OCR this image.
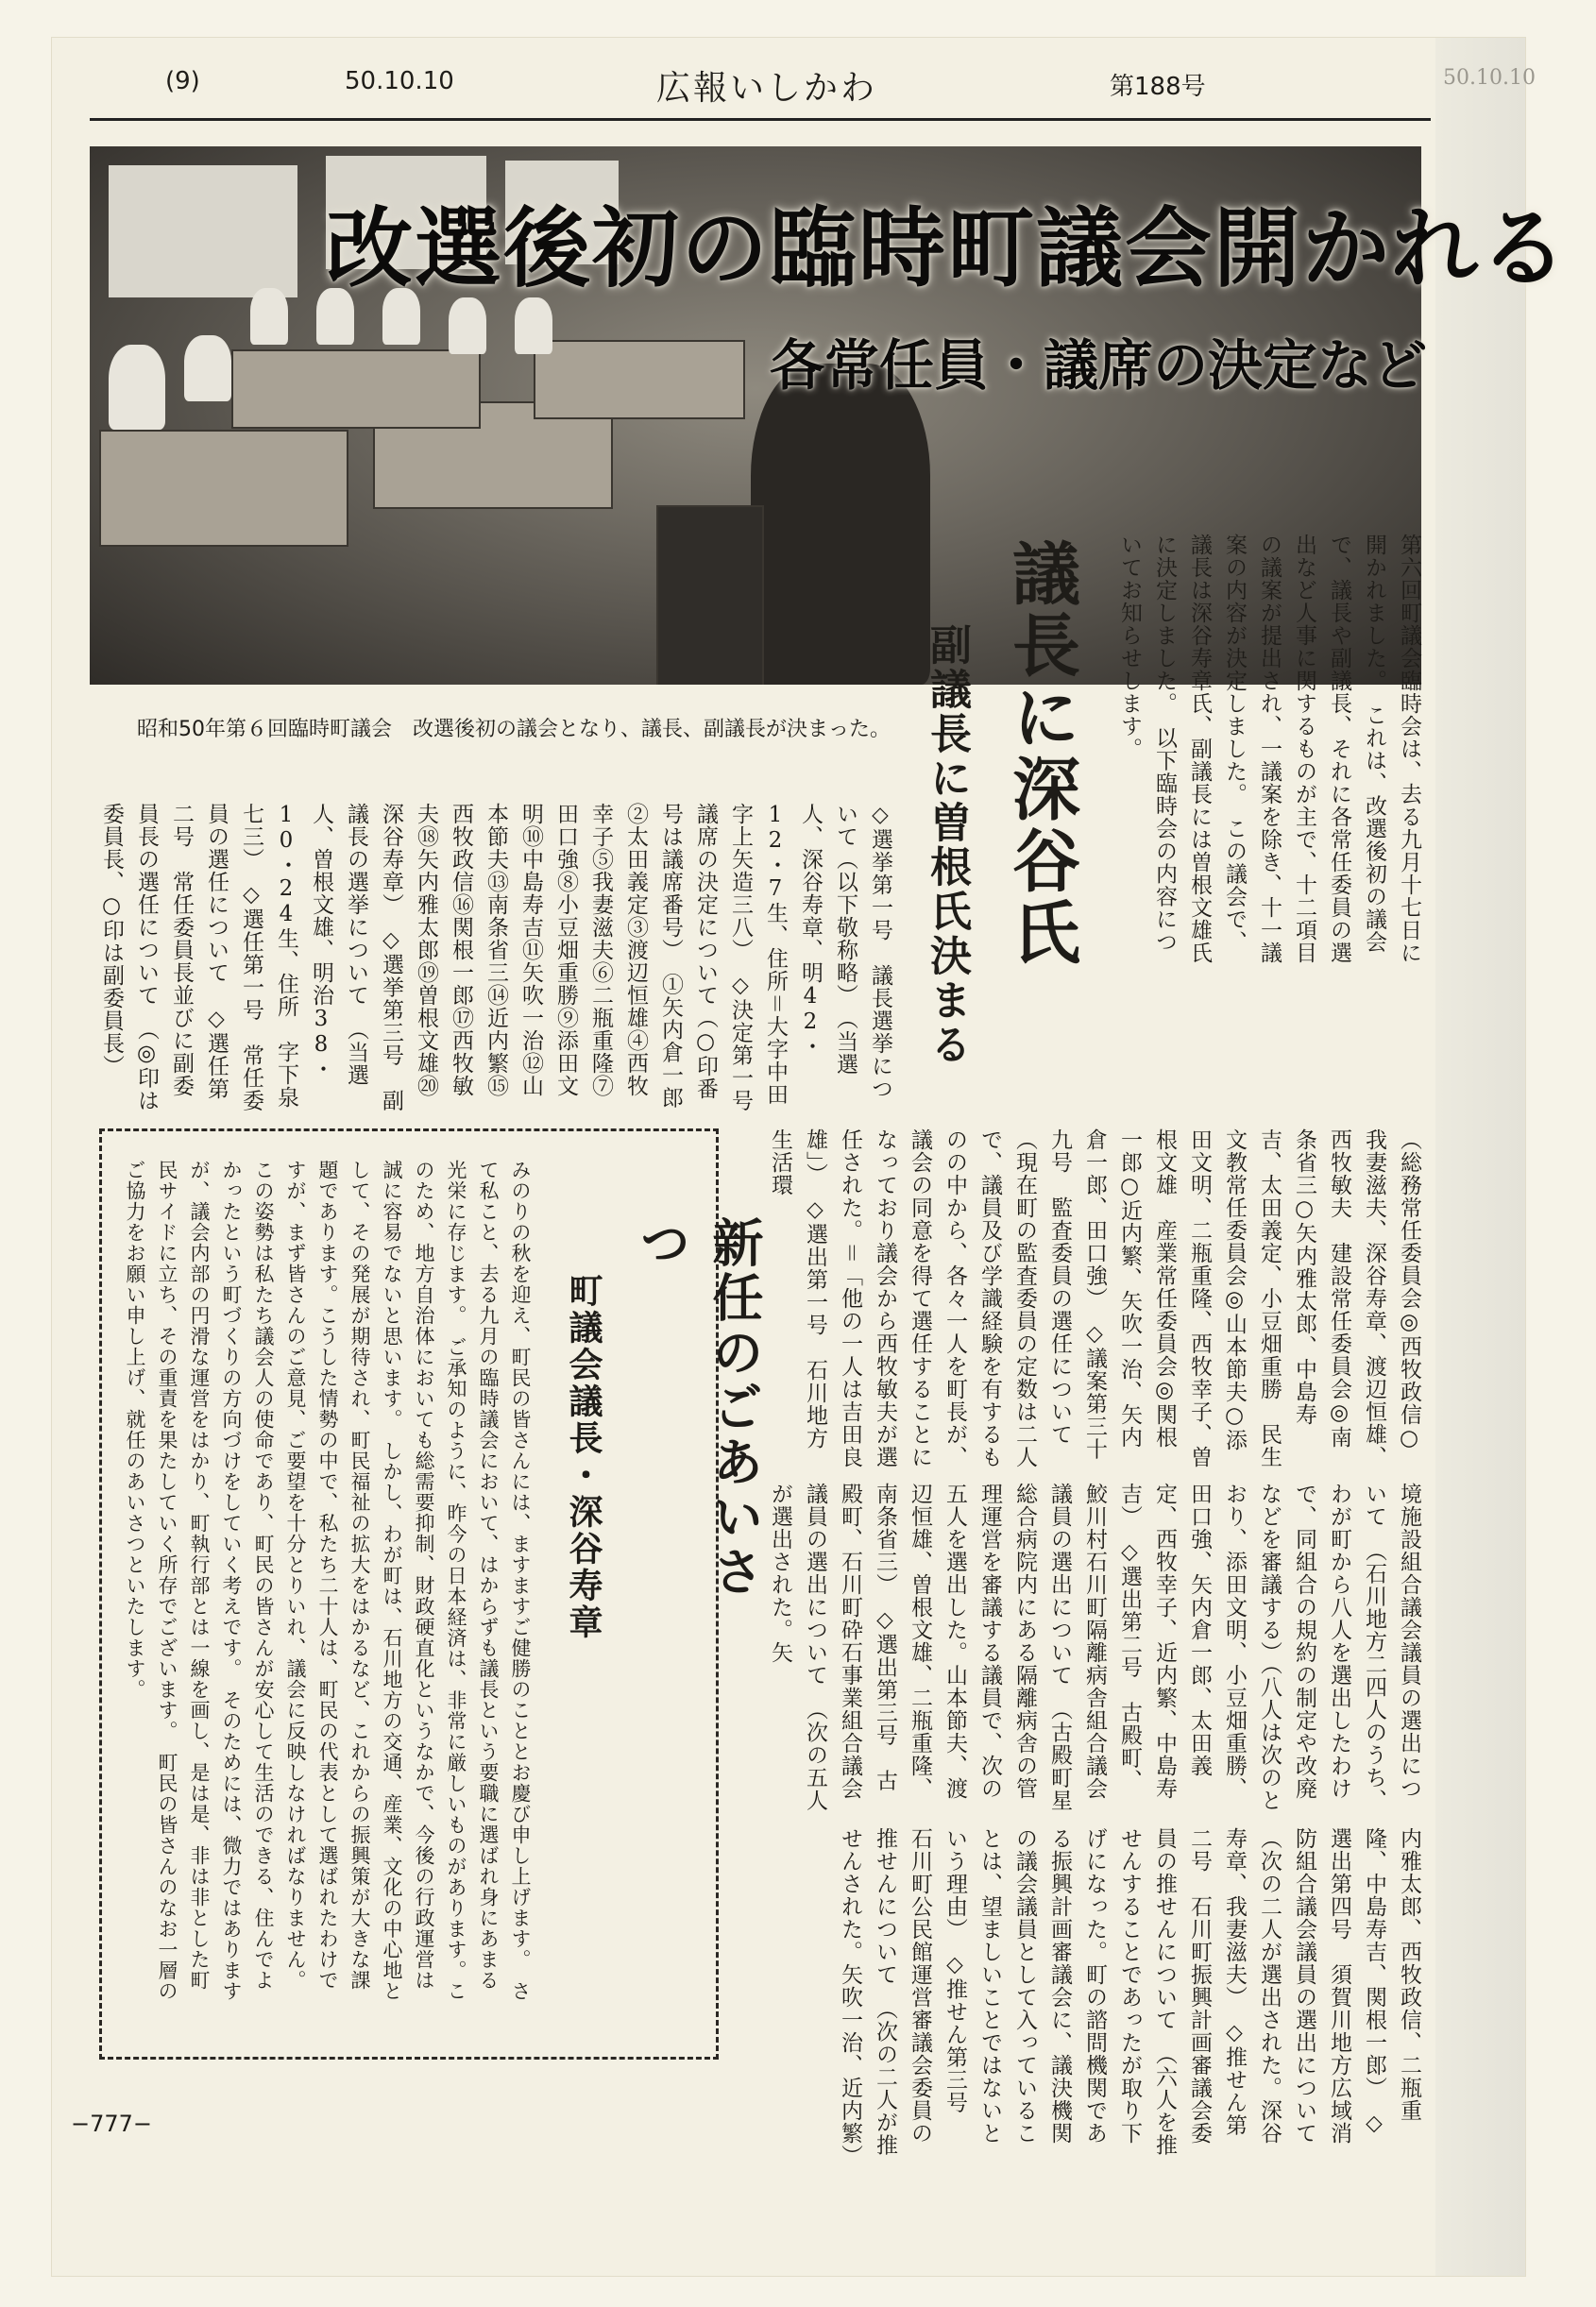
50.10.10
(9)	50.10.10	広報いしかわ	第188号
改選後初の臨時町議会開かれる
各常任員・議席の決定など
昭和50年第６回臨時町議会　改選後初の議会となり、議長、副議長が決まった。	第六回町議会臨時会は、去る九月十七日に開かれました。　これは、改選後初の議会で、議長や副議長、それに各常任委員の選出など人事に関するものが主で、十二項目の議案が提出され、一議案を除き、十一議案の内容が決定しました。　この議会で、議長は深谷寿章氏、副議長には曽根文雄氏に決定しました。　以下臨時会の内容についてお知らせします。
議長に深谷氏
副議長に曽根氏決まる
◇選挙第一号　議長選挙について（以下敬称略）　（当選人、深谷寿章、明42・12・7生、住所＝大字中田字上矢造三八）　◇決定第一号　議席の決定について（○印番号は議席番号）　①矢内倉一郎②太田義定③渡辺恒雄④西牧幸子⑤我妻滋夫⑥二瓶重隆⑦田口強⑧小豆畑重勝⑨添田文明⑩中島寿吉⑪矢吹一治⑫山本節夫⑬南条省三⑭近内繁⑮西牧政信⑯関根一郎⑰西牧敏夫⑱矢内雅太郎⑲曽根文雄⑳深谷寿章）　◇選挙第三号　副議長の選挙について　（当選人、曽根文雄、明治38・10・24生、住所　字下泉七三）　◇選任第一号　常任委員の選任について　◇選任第二号　常任委員長並びに副委員長の選任について　（◎印は委員長、○印は副委員長）
（総務常任委員会◎西牧政信○我妻滋夫、深谷寿章、渡辺恒雄、西牧敏夫　建設常任委員会◎南条省三○矢内雅太郎、中島寿吉、太田義定、小豆畑重勝　民生文教常任委員会◎山本節夫○添田文明、二瓶重隆、西牧幸子、曽根文雄　産業常任委員会◎関根一郎○近内繁、矢吹一治、矢内倉一郎、田口強）　◇議案第三十九号　監査委員の選任について　（現在町の監査委員の定数は二人で、議員及び学識経験を有するものの中から、各々一人を町長が、議会の同意を得て選任することになっており議会から西牧敏夫が選任された。＝「他の一人は吉田良雄」）　◇選出第一号　石川地方生活環
境施設組合議会議員の選出について　（石川地方二四人のうち、わが町から八人を選出したわけで、同組合の規約の制定や改廃などを審議する）（八人は次のとおり、添田文明、小豆畑重勝、田口強、矢内倉一郎、太田義定、西牧幸子、近内繁、中島寿吉）　◇選出第二号　古殿町、鮫川村石川町隔離病舎組合議会議員の選出について　（古殿町星総合病院内にある隔離病舎の管理運営を審議する議員で、次の五人を選出した。山本節夫、渡辺恒雄、曽根文雄、二瓶重隆、南条省三）　◇選出第三号　古殿町、石川町砕石事業組合議会議員の選出について　（次の五人が選出された。矢
内雅太郎、西牧政信、二瓶重隆、中島寿吉、関根一郎）　◇選出第四号　須賀川地方広域消防組合議会議員の選出について　（次の二人が選出された。深谷寿章、我妻滋夫）　◇推せん第二号　石川町振興計画審議会委員の推せんについて　（六人を推せんすることであったが取り下げになった。町の諮問機関である振興計画審議会に、議決機関の議会議員として入っていることは、望ましいことではないという理由）　◇推せん第三号　石川町公民館運営審議会委員の推せんについて　（次の二人が推せんされた。矢吹一治、近内繁）
新任のごあいさつ
町議会議長・深谷寿章
みのりの秋を迎え、町民の皆さんには、ますますご健勝のこととお慶び申し上げます。　さて私こと、去る九月の臨時議会において、はからずも議長という要職に選ばれ身にあまる光栄に存じます。　ご承知のように、昨今の日本経済は、非常に厳しいものがあります。このため、地方自治体においても総需要抑制、財政硬直化というなかで、今後の行政運営は誠に容易でないと思います。　しかし、わが町は、石川地方の交通、産業、文化の中心地として、その発展が期待され、町民福祉の拡大をはかるなど、これからの振興策が大きな課題であります。こうした情勢の中で、私たち二十人は、町民の代表として選ばれたわけですが、まず皆さんのご意見、ご要望を十分とりいれ、議会に反映しなければなりません。この姿勢は私たち議会人の使命であり、町民の皆さんが安心して生活のできる、住んでよかったという町づくりの方向づけをしていく考えです。　そのためには、微力ではありますが、議会内部の円滑な運営をはかり、町執行部とは一線を画し、是は是、非は非とした町民サイドに立ち、その重責を果たしていく所存でございます。　町民の皆さんのなお一層のご協力をお願い申し上げ、就任のあいさつといたします。
−777−
